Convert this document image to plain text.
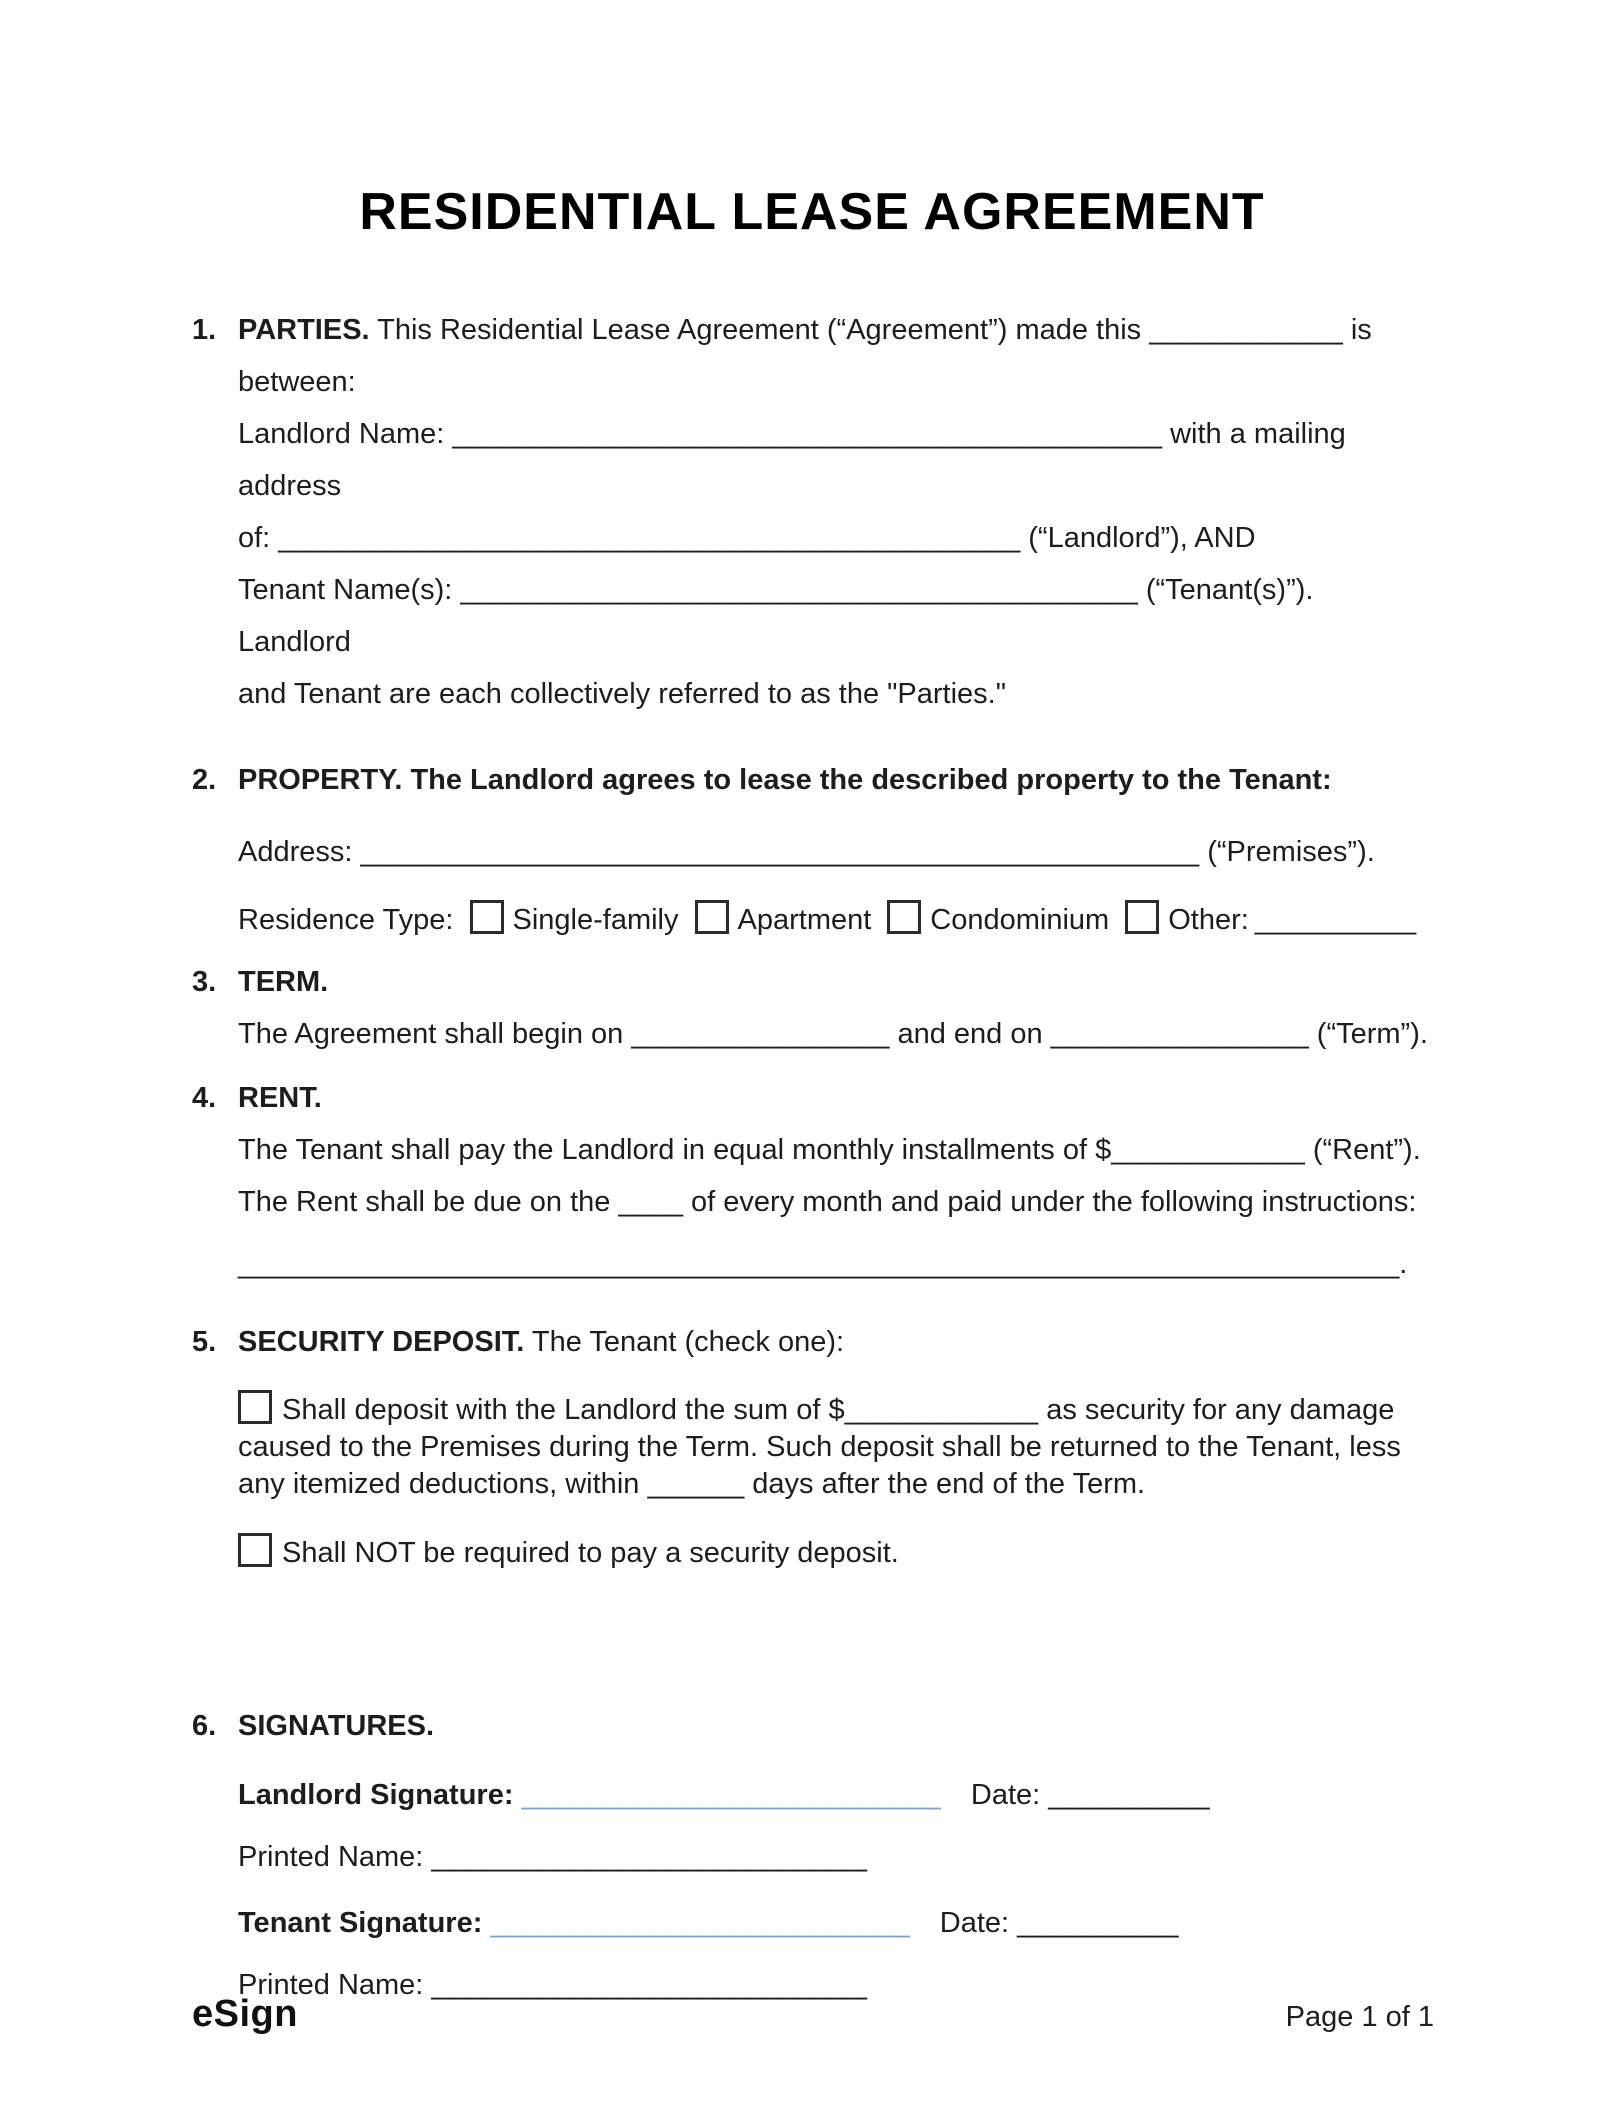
RESIDENTIAL LEASE AGREEMENT
1. PARTIES. This Residential Lease Agreement (“Agreement”) made this ____________ is between:

Landlord Name: ____________________________________________ with a mailing address

of: ______________________________________________ (“Landlord”), AND

Tenant Name(s): __________________________________________ (“Tenant(s)”). Landlord

and Tenant are each collectively referred to as the "Parties."

2. PROPERTY. The Landlord agrees to lease the described property to the Tenant:

Address: ____________________________________________________ (“Premises”).

Residence Type: Single-family Apartment Condominium Other: __________

3. TERM.

The Agreement shall begin on ________________ and end on ________________ (“Term”).

4. RENT.

The Tenant shall pay the Landlord in equal monthly installments of $____________ (“Rent”). The Rent shall be due on the ____ of every month and paid under the following instructions:

________________________________________________________________________.

5. SECURITY DEPOSIT. The Tenant (check one):

Shall deposit with the Landlord the sum of $____________ as security for any damage caused to the Premises during the Term. Such deposit shall be returned to the Tenant, less any itemized deductions, within ______ days after the end of the Term.

Shall NOT be required to pay a security deposit.

6. SIGNATURES.

Landlord Signature: __________________________ Date: __________

Printed Name: ___________________________

Tenant Signature: __________________________ Date: __________

Printed Name: ___________________________

eSign	Page 1 of 1
